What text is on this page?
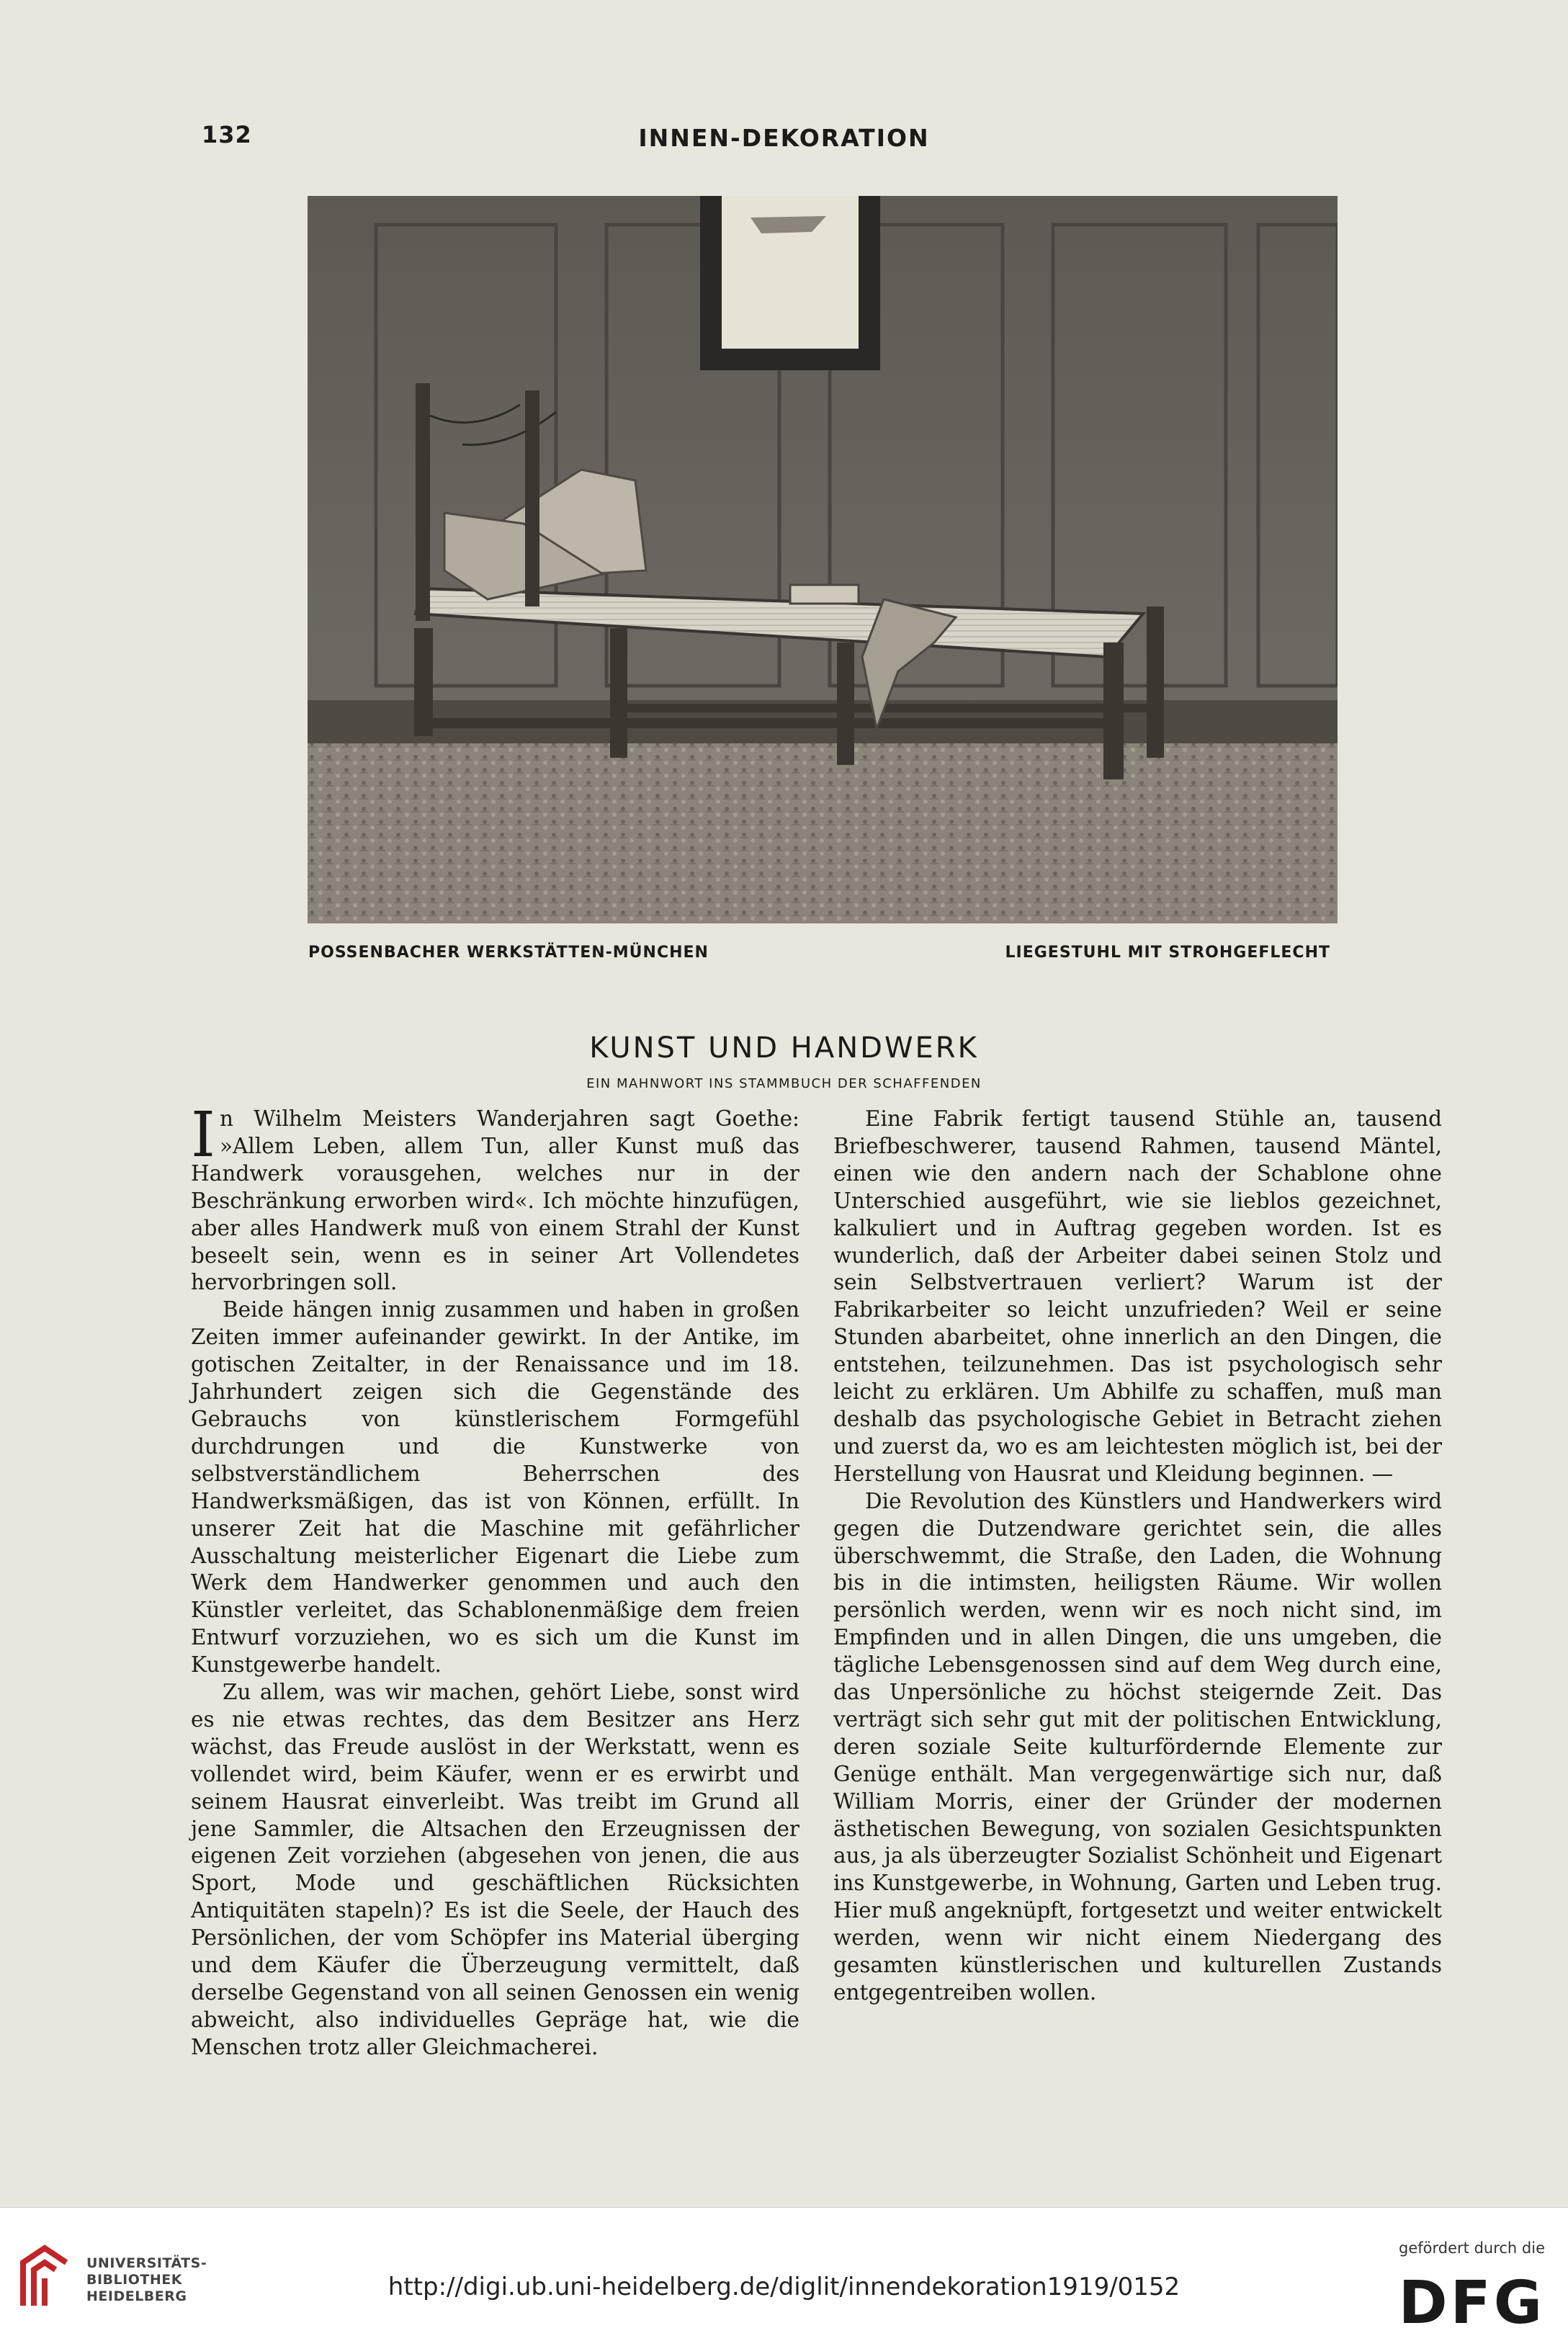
132	INNEN-DEKORATION
POSSENBACHER WERKSTÄTTEN-MÜNCHEN	LIEGESTUHL MIT STROHGEFLECHT
KUNST UND HANDWERK
EIN MAHNWORT INS STAMMBUCH DER SCHAFFENDEN

In Wilhelm Meisters Wanderjahren sagt Goethe: »Allem Leben, allem Tun, aller Kunst muß das Handwerk vorausgehen, welches nur in der Beschränkung erworben wird«. Ich möchte hinzufügen, aber alles Handwerk muß von einem Strahl der Kunst beseelt sein, wenn es in seiner Art Vollendetes hervorbringen soll.

Beide hängen innig zusammen und haben in großen Zeiten immer aufeinander gewirkt. In der Antike, im gotischen Zeitalter, in der Renaissance und im 18. Jahrhundert zeigen sich die Gegenstände des Gebrauchs von künstlerischem Formgefühl durchdrungen und die Kunstwerke von selbstverständlichem Beherrschen des Handwerksmäßigen, das ist von Können, erfüllt. In unserer Zeit hat die Maschine mit gefährlicher Ausschaltung meisterlicher Eigenart die Liebe zum Werk dem Handwerker genommen und auch den Künstler verleitet, das Schablonenmäßige dem freien Entwurf vorzuziehen, wo es sich um die Kunst im Kunstgewerbe handelt.

Zu allem, was wir machen, gehört Liebe, sonst wird es nie etwas rechtes, das dem Besitzer ans Herz wächst, das Freude auslöst in der Werkstatt, wenn es vollendet wird, beim Käufer, wenn er es erwirbt und seinem Hausrat einverleibt. Was treibt im Grund all jene Sammler, die Altsachen den Erzeugnissen der eigenen Zeit vorziehen (abgesehen von jenen, die aus Sport, Mode und geschäftlichen Rücksichten Antiquitäten stapeln)? Es ist die Seele, der Hauch des Persönlichen, der vom Schöpfer ins Material überging und dem Käufer die Überzeugung vermittelt, daß derselbe Gegenstand von all seinen Genossen ein wenig abweicht, also individuelles Gepräge hat, wie die Menschen trotz aller Gleichmacherei.

Eine Fabrik fertigt tausend Stühle an, tausend Briefbeschwerer, tausend Rahmen, tausend Mäntel, einen wie den andern nach der Schablone ohne Unterschied ausgeführt, wie sie lieblos gezeichnet, kalkuliert und in Auftrag gegeben worden. Ist es wunderlich, daß der Arbeiter dabei seinen Stolz und sein Selbstvertrauen verliert? Warum ist der Fabrikarbeiter so leicht unzufrieden? Weil er seine Stunden abarbeitet, ohne innerlich an den Dingen, die entstehen, teilzunehmen. Das ist psychologisch sehr leicht zu erklären. Um Abhilfe zu schaffen, muß man deshalb das psychologische Gebiet in Betracht ziehen und zuerst da, wo es am leichtesten möglich ist, bei der Herstellung von Hausrat und Kleidung beginnen. —

Die Revolution des Künstlers und Handwerkers wird gegen die Dutzendware gerichtet sein, die alles überschwemmt, die Straße, den Laden, die Wohnung bis in die intimsten, heiligsten Räume. Wir wollen persönlich werden, wenn wir es noch nicht sind, im Empfinden und in allen Dingen, die uns umgeben, die tägliche Lebensgenossen sind auf dem Weg durch eine, das Unpersönliche zu höchst steigernde Zeit. Das verträgt sich sehr gut mit der politischen Entwicklung, deren soziale Seite kulturfördernde Elemente zur Genüge enthält. Man vergegenwärtige sich nur, daß William Morris, einer der Gründer der modernen ästhetischen Bewegung, von sozialen Gesichtspunkten aus, ja als überzeugter Sozialist Schönheit und Eigenart ins Kunstgewerbe, in Wohnung, Garten und Leben trug. Hier muß angeknüpft, fortgesetzt und weiter entwickelt werden, wenn wir nicht einem Niedergang des gesamten künstlerischen und kulturellen Zustands entgegentreiben wollen.

UNIVERSITÄTS-
BIBLIOTHEK
HEIDELBERG	http://digi.ub.uni-heidelberg.de/diglit/innendekoration1919/0152
gefördert durch die
DFG
